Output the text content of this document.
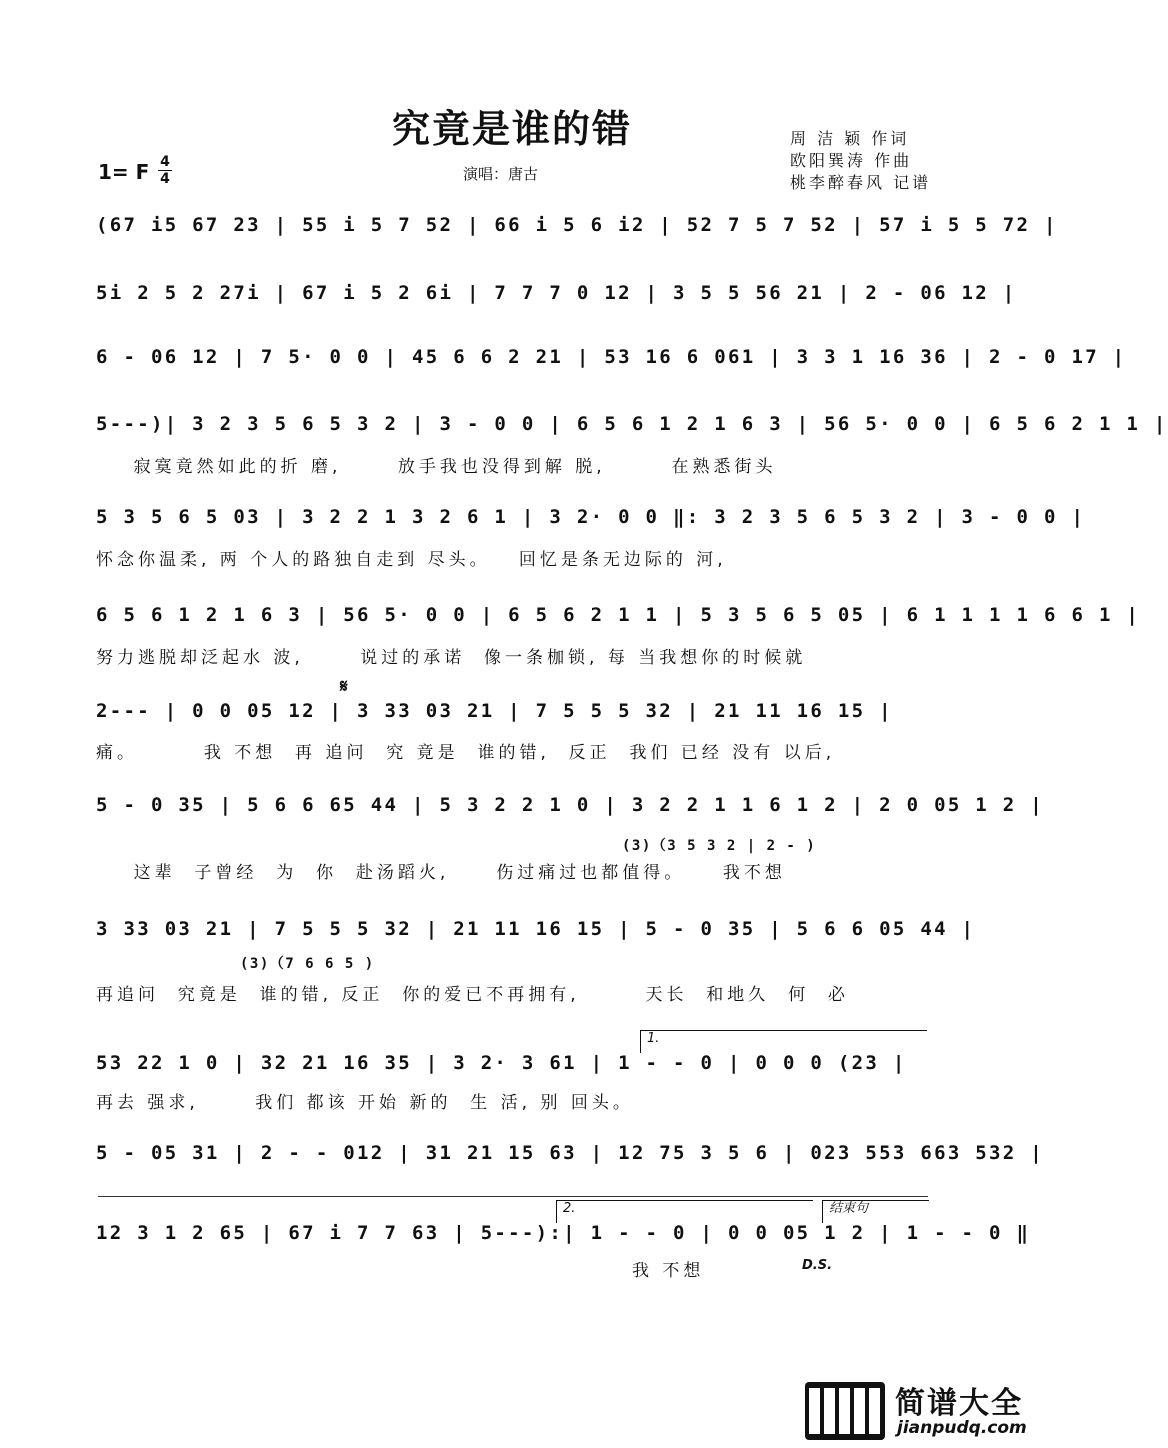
究竟是谁的错	周 洁 颖 作词
欧阳巽涛 作曲
桃李醉春风 记谱
1= F 4
4	演唱：唐古
(67 i5 67 23 | 55 i 5 7 52 | 66 i 5 6 i2 | 52 7 5 7 52 | 57 i 5 5 72 |
5i 2 5 2 27i | 67 i 5 2 6i | 7 7 7 0 12 | 3 5 5 56 21 | 2 - 06 12 |
6 - 06 12 | 7 5· 0 0 | 45 6 6 2 21 | 53 16 6 061 | 3 3 1 16 36 | 2 - 0 17 |
5---)| 3 2 3 5 6 5 3 2 | 3 - 0 0 | 6 5 6 1 2 1 6 3 | 56 5· 0 0 | 6 5 6 2 1 1 |
寂寞竟然如此的折 磨,      放手我也没得到解 脱,       在熟悉街头
5 3 5 6 5 03 | 3 2 2 1 3 2 6 1 | 3 2· 0 0 ‖: 3 2 3 5 6 5 3 2 | 3 - 0 0 |
怀念你温柔, 两 个人的路独自走到 尽头。   回忆是条无边际的 河,
6 5 6 1 2 1 6 3 | 56 5· 0 0 | 6 5 6 2 1 1 | 5 3 5 6 5 05 | 6 1 1 1 1 6 6 1 |
努力逃脱却泛起水 波,      说过的承诺  像一条枷锁, 每 当我想你的时候就
𝄋
2--- | 0 0 05 12 | 3 33 03 21 | 7 5 5 5 32 | 21 11 16 15 |
痛。       我 不想  再 追问  究 竟是  谁的错,  反正  我们 已经 没有 以后,
5 - 0 35 | 5 6 6 65 44 | 5 3 2 2 1 0 | 3 2 2 1 1 6 1 2 | 2 0 05 1 2 |
(3)（3 5 3 2 | 2 - )
这辈  子曾经  为  你  赴汤蹈火,     伤过痛过也都值得。    我不想
3 33 03 21 | 7 5 5 5 32 | 21 11 16 15 | 5 - 0 35 | 5 6 6 05 44 |
(3)（7 6 6 5 )
再追问  究竟是  谁的错, 反正  你的爱已不再拥有,       天长  和地久  何  必
1.
53 22 1 0 | 32 21 16 35 | 3 2· 3 61 | 1 - - 0 | 0 0 0 (23 |
再去 强求,      我们 都该 开始 新的  生 活, 别 回头。
5 - 05 31 | 2 - - 012 | 31 21 15 63 | 12 75 3 5 6 | 023 553 663 532 |
2.	结束句
12 3 1 2 65 | 67 i 7 7 63 | 5---):| 1 - - 0 | 0 0 05 1 2 | 1 - - 0 ‖
我 不想	D.S.
简谱大全
jianpudq.com
